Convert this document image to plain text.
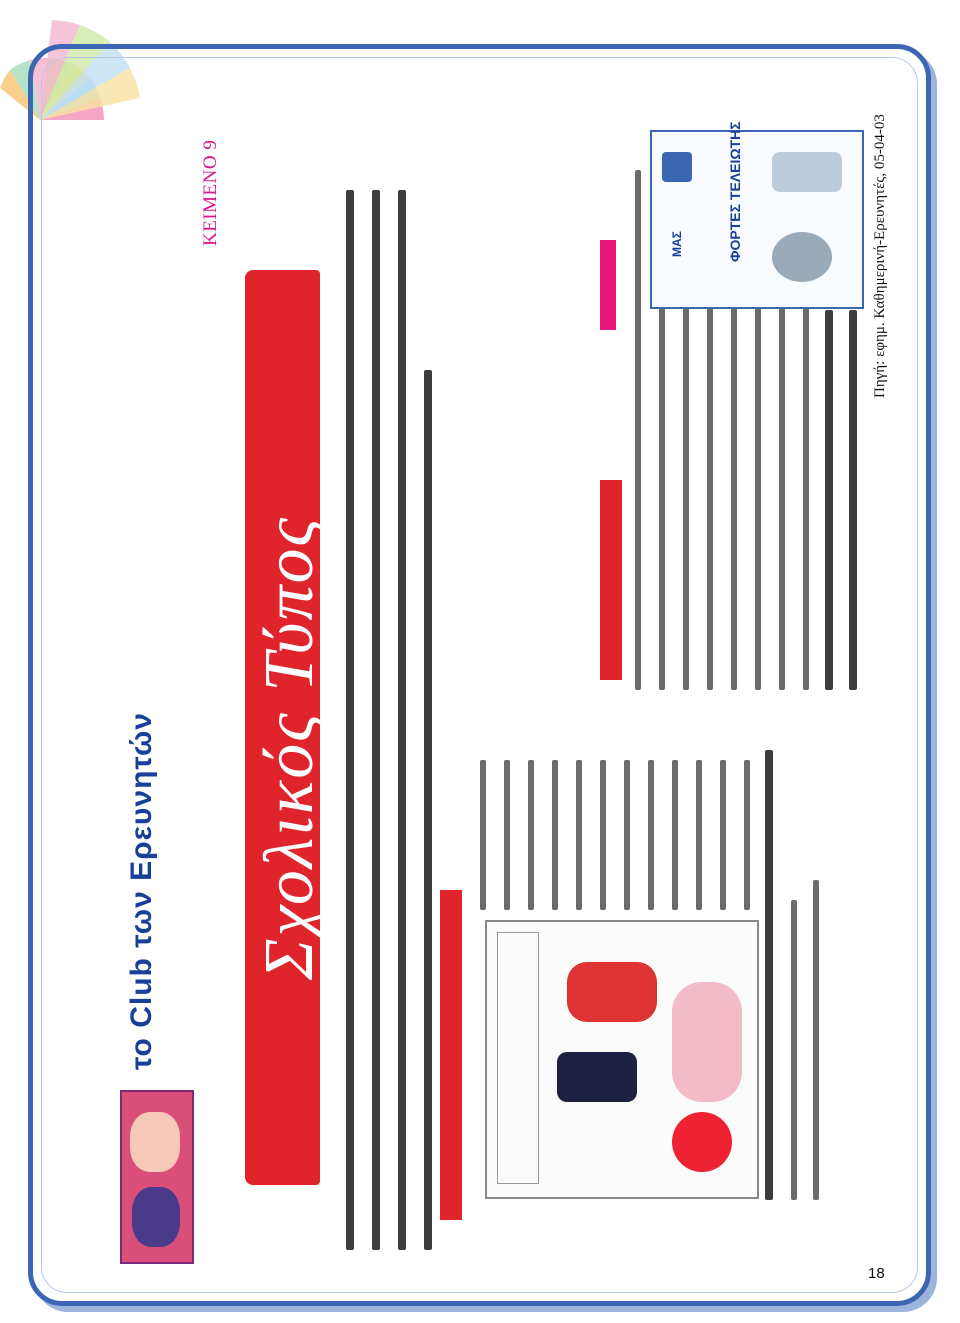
ΚΕΙΜΕΝΟ 9	Πηγή: εφημ. Καθημερινή-Ερευνητές, 05-04-03
το Club των Ερευνητών Σχολικός Τύπος
ΜΑΣ	ΦΟΡΤΕΣ ΤΕΛΕΙΩΤΗΣ
18
